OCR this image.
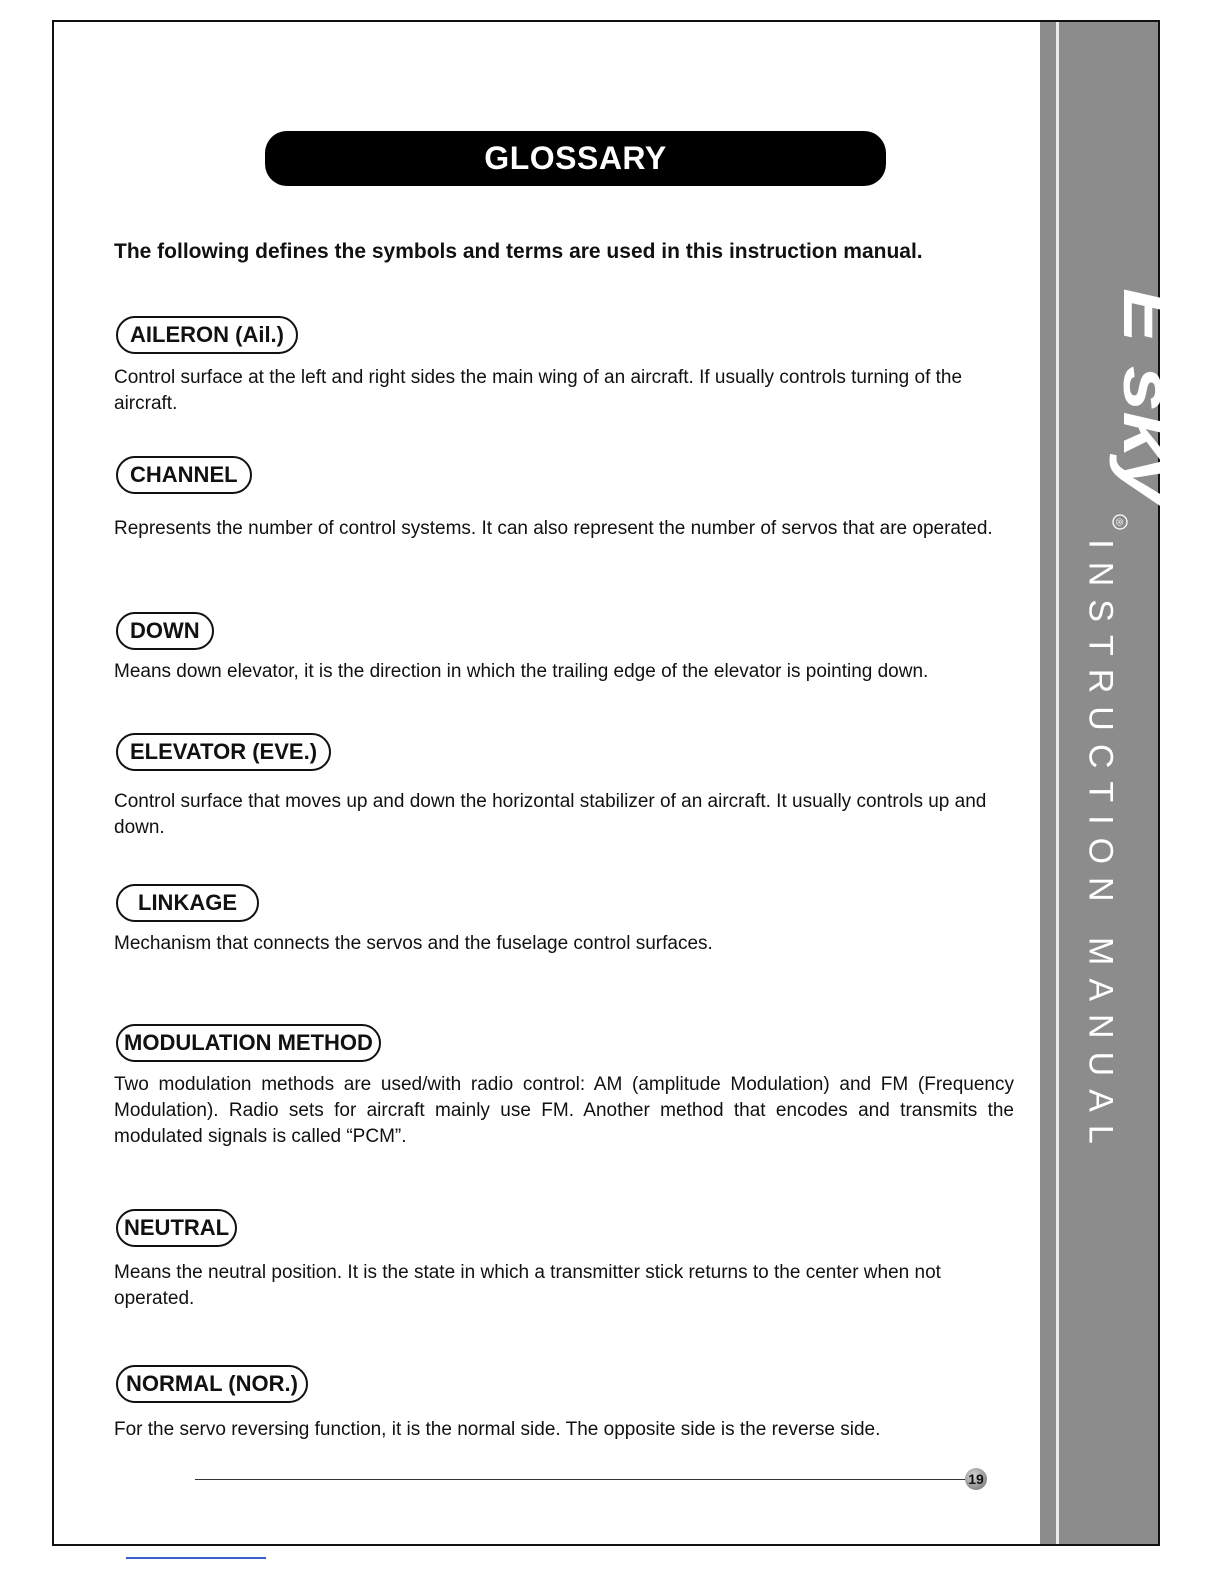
E sky
®
INSTRUCTION MANUAL
GLOSSARY
The following defines the symbols and terms are used in this instruction manual.
AILERON (Ail.)
Control surface at the left and right sides the main wing of an aircraft. If usually controls turning of the aircraft.
CHANNEL
Represents the number of control systems. It can also represent the number of servos that are operated.
DOWN
Means down elevator, it is the direction in which the trailing edge of the elevator is pointing down.
ELEVATOR (EVE.)
Control surface that moves up and down the horizontal stabilizer of an aircraft. It usually controls up and down.
LINKAGE
Mechanism that connects the servos and the fuselage control surfaces.
MODULATION METHOD
Two modulation methods are used/with radio control: AM (amplitude Modulation) and FM (Frequency Modulation). Radio sets for aircraft mainly use FM. Another method that encodes and transmits the modulated signals is called “PCM”.
NEUTRAL
Means the neutral position. It is the state in which a transmitter stick returns to the center when not operated.
NORMAL (NOR.)
For the servo reversing function, it is the normal side. The opposite side is the reverse side.
19
